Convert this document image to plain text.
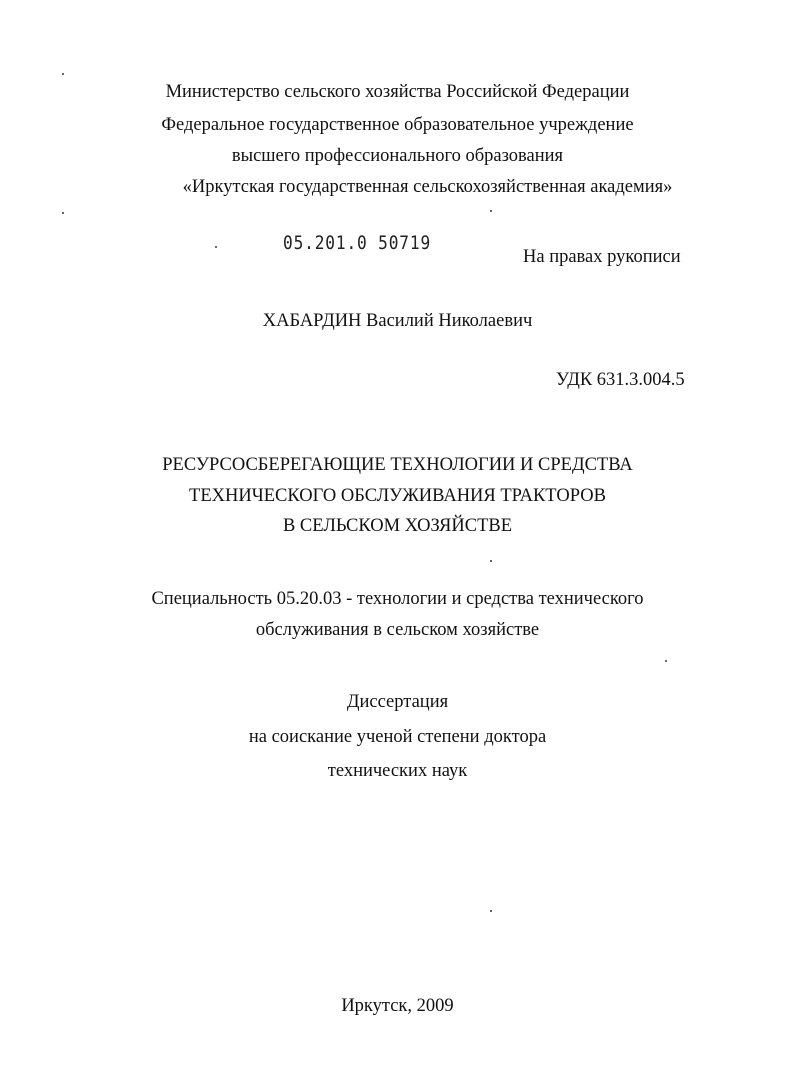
Министерство сельского хозяйства Российской Федерации
Федеральное государственное образовательное учреждение
высшего профессионального образования
«Иркутская государственная сельскохозяйственная академия»
05.201.0 50719
На правах рукописи
ХАБАРДИН Василий Николаевич
УДК 631.3.004.5
РЕСУРСОСБЕРЕГАЮЩИЕ ТЕХНОЛОГИИ И СРЕДСТВА
ТЕХНИЧЕСКОГО ОБСЛУЖИВАНИЯ ТРАКТОРОВ
В СЕЛЬСКОМ ХОЗЯЙСТВЕ
Специальность 05.20.03 - технологии и средства технического
обслуживания в сельском хозяйстве
Диссертация
на соискание ученой степени доктора
технических наук
Иркутск, 2009
